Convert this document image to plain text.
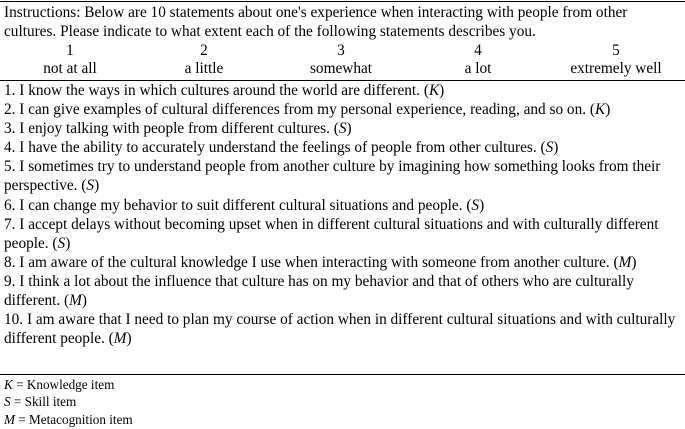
Instructions: Below are 10 statements about one's experience when interacting with people from other cultures. Please indicate to what extent each of the following statements describes you.
1
not at all
2
a little
3
somewhat
4
a lot
5
extremely well
1. I know the ways in which cultures around the world are different. (K)
2. I can give examples of cultural differences from my personal experience, reading, and so on. (K)
3. I enjoy talking with people from different cultures. (S)
4. I have the ability to accurately understand the feelings of people from other cultures. (S)
5. I sometimes try to understand people from another culture by imagining how something looks from their perspective. (S)
6. I can change my behavior to suit different cultural situations and people. (S)
7. I accept delays without becoming upset when in different cultural situations and with culturally different people. (S)
8. I am aware of the cultural knowledge I use when interacting with someone from another culture. (M)
9. I think a lot about the influence that culture has on my behavior and that of others who are culturally different. (M)
10. I am aware that I need to plan my course of action when in different cultural situations and with culturally different people. (M)
K = Knowledge item
S = Skill item
M = Metacognition item
